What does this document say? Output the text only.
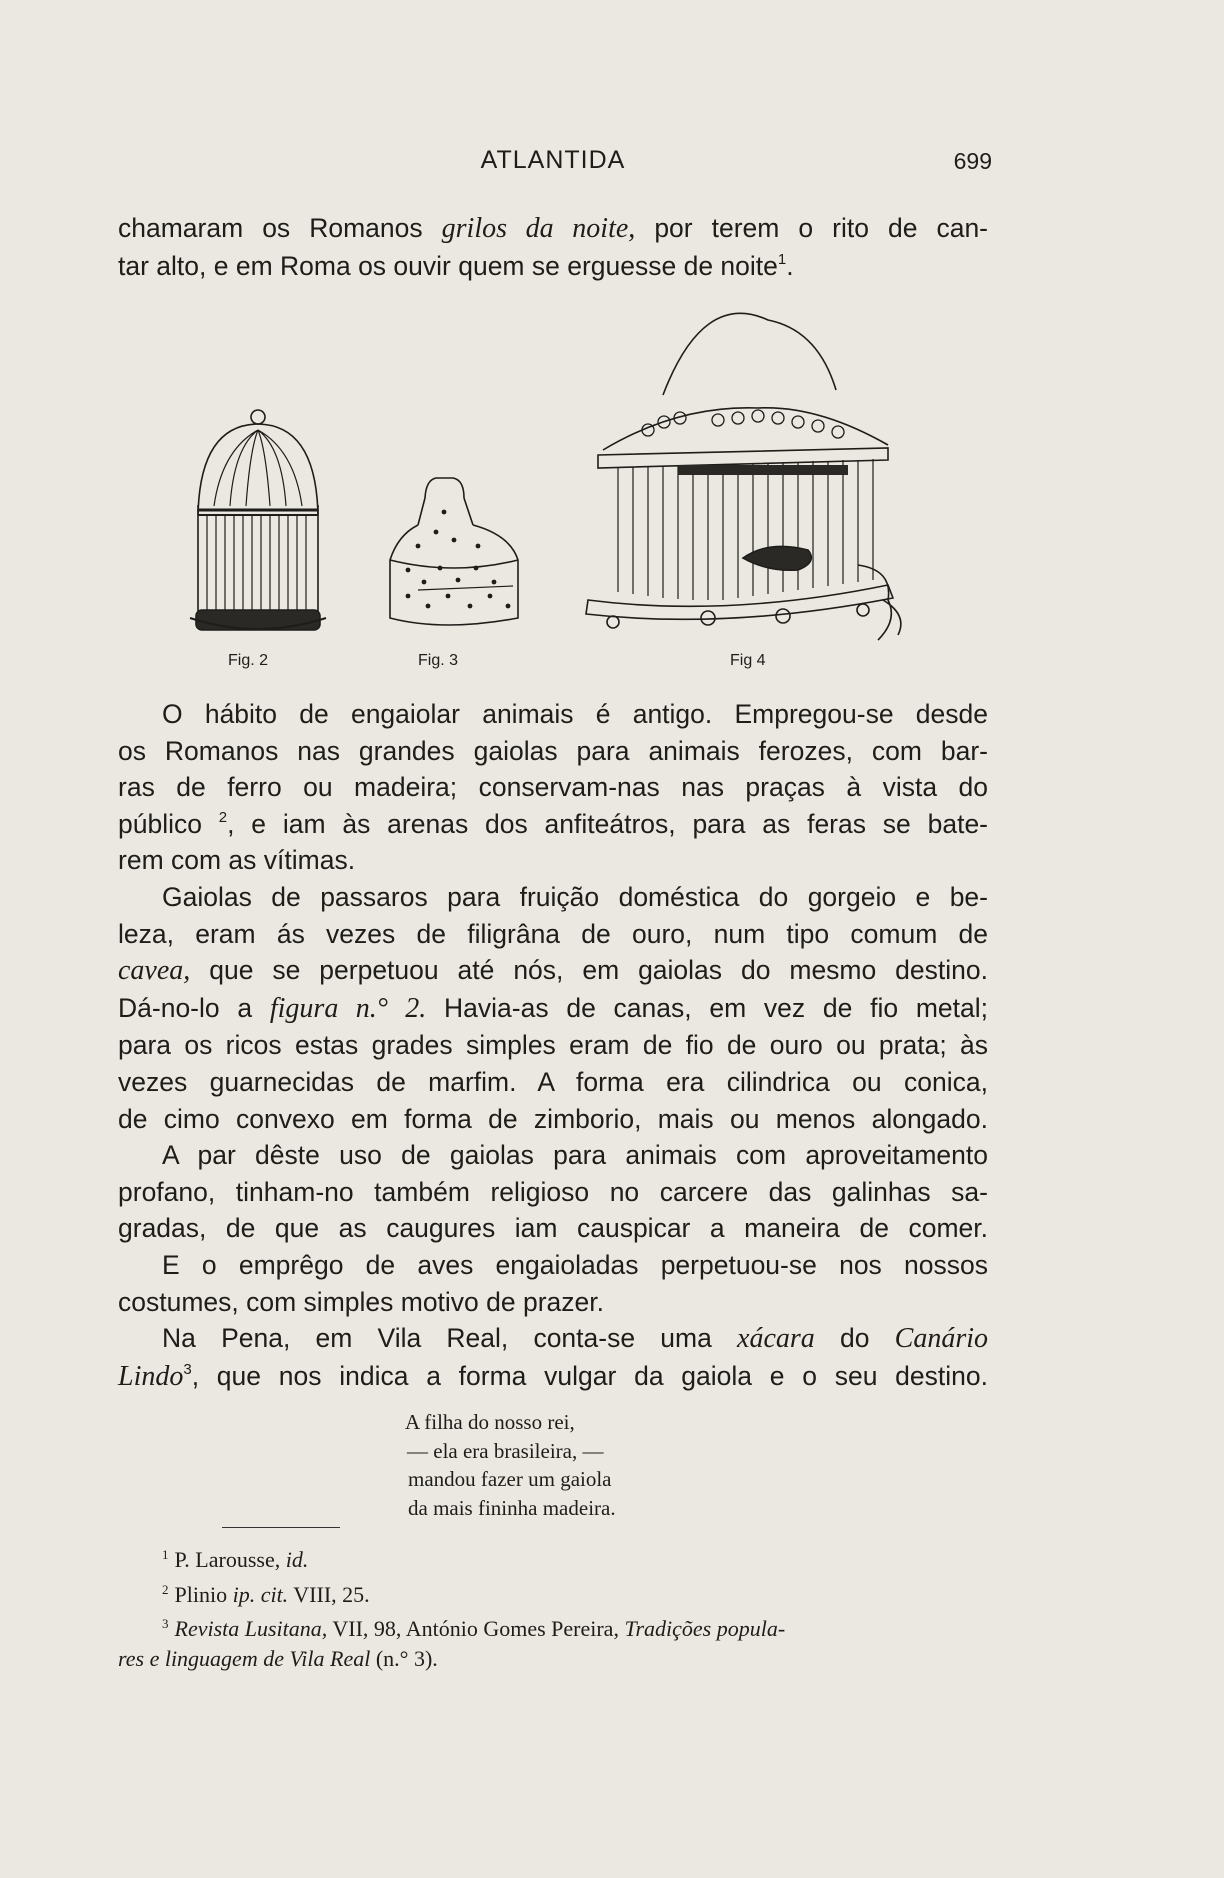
ATLANTIDA	699

chamaram os Romanos grilos da noite, por terem o rito de can-
tar alto, e em Roma os ouvir quem se erguesse de noite$^1$.

Fig. 2	Fig. 3	Fig 4

O hábito de engaiolar animais é antigo. Empregou-se desde
os Romanos nas grandes gaiolas para animais ferozes, com bar-
ras de ferro ou madeira; conservam-nas nas praças à vista do
público $^2$, e iam às arenas dos anfiteátros, para as feras se bate-
rem com as vítimas.

Gaiolas de passaros para fruição doméstica do gorgeio e be-
leza, eram ás vezes de filigrâna de ouro, num tipo comum de
cavea, que se perpetuou até nós, em gaiolas do mesmo destino.
Dá-no-lo a figura n.° 2. Havia-as de canas, em vez de fio metal;
para os ricos estas grades simples eram de fio de ouro ou prata; às
vezes guarnecidas de marfim. A forma era cilindrica ou conica,
de cimo convexo em forma de zimborio, mais ou menos alongado.

A par dêste uso de gaiolas para animais com aproveitamento
profano, tinham-no também religioso no carcere das galinhas sa-
gradas, de que as caugures iam causpicar a maneira de comer.

E o emprêgo de aves engaioladas perpetuou-se nos nossos
costumes, com simples motivo de prazer.

Na Pena, em Vila Real, conta-se uma xácara do Canário
Lindo$^3$, que nos indica a forma vulgar da gaiola e o seu destino.

A filha do nosso rei,
— ela era brasileira, —
mandou fazer um gaiola
da mais fininha madeira.
$^1$ P. Larousse, id.
$^2$ Plinio ip. cit. VIII, 25.
$^3$ Revista Lusitana, VII, 98, António Gomes Pereira, Tradições popula-
res e linguagem de Vila Real (n.° 3).
